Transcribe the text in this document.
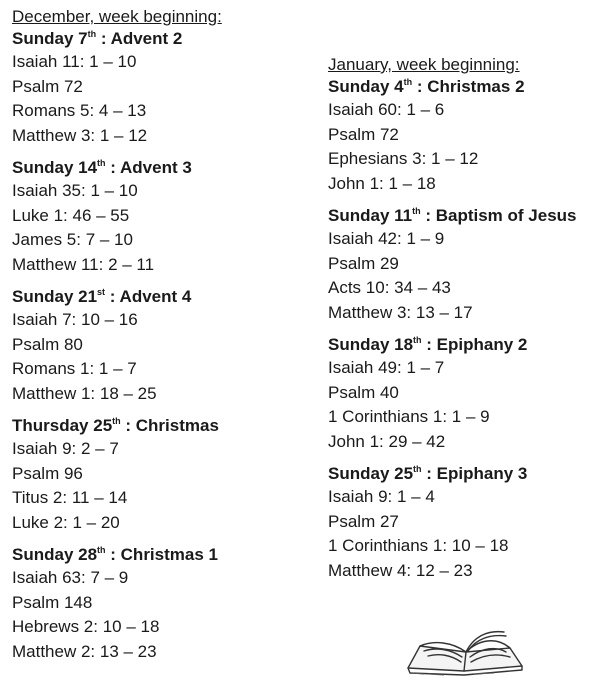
December, week beginning:
Sunday 7th : Advent 2
Isaiah 11: 1 – 10
Psalm 72
Romans 5: 4 – 13
Matthew 3: 1 – 12
Sunday 14th : Advent 3
Isaiah 35: 1 – 10
Luke 1: 46 – 55
James 5: 7 – 10
Matthew 11: 2 – 11
Sunday 21st : Advent 4
Isaiah 7: 10 – 16
Psalm 80
Romans 1: 1 – 7
Matthew 1: 18 – 25
Thursday 25th : Christmas
Isaiah 9: 2 – 7
Psalm 96
Titus 2: 11 – 14
Luke 2: 1 – 20
Sunday 28th : Christmas 1
Isaiah 63: 7 – 9
Psalm 148
Hebrews 2: 10 – 18
Matthew 2: 13 – 23
January, week beginning:
Sunday 4th : Christmas 2
Isaiah 60: 1 – 6
Psalm 72
Ephesians 3: 1 – 12
John 1: 1 – 18
Sunday 11th : Baptism of Jesus
Isaiah 42: 1 – 9
Psalm 29
Acts 10: 34 – 43
Matthew 3: 13 – 17
Sunday 18th : Epiphany 2
Isaiah 49: 1 – 7
Psalm 40
1 Corinthians 1: 1 – 9
John 1: 29 – 42
Sunday 25th : Epiphany 3
Isaiah 9: 1 – 4
Psalm 27
1 Corinthians 1: 10 – 18
Matthew 4: 12 – 23
